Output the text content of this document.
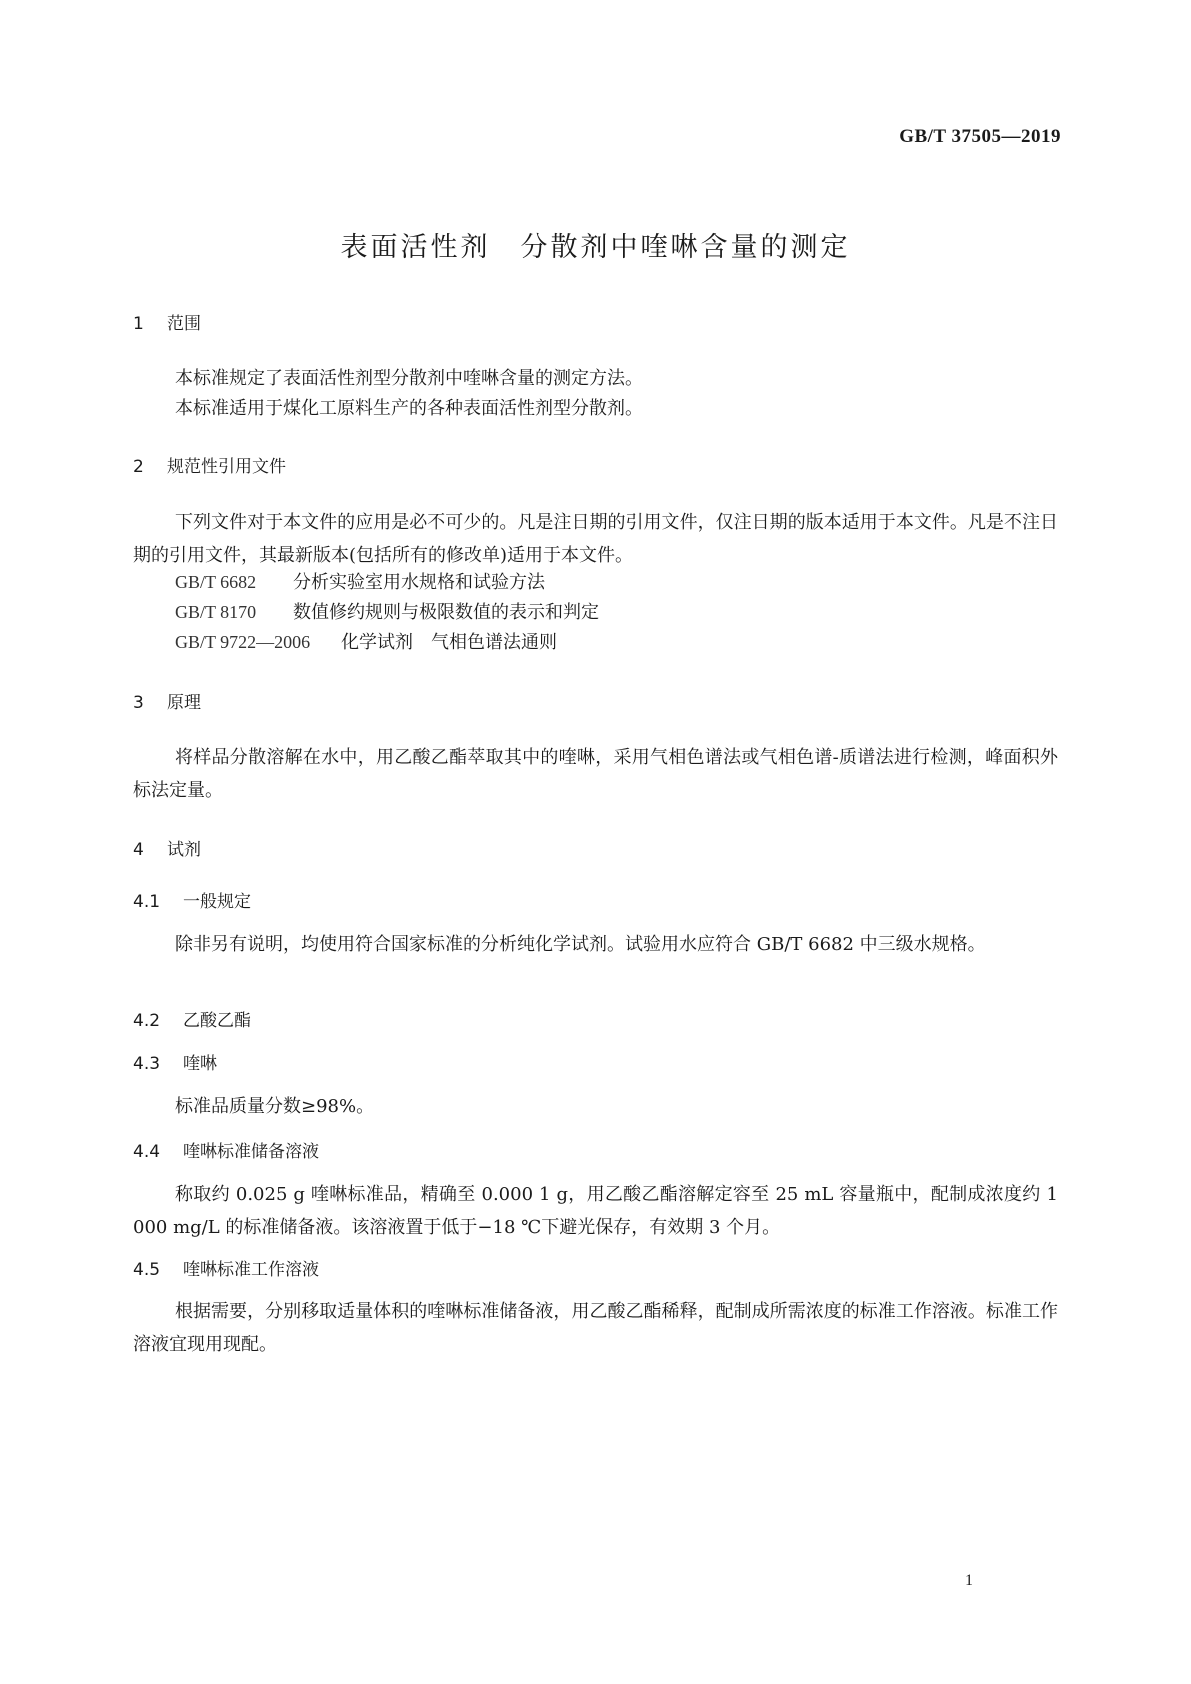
GB/T 37505—2019
表面活性剂　分散剂中喹啉含量的测定
1 范围
本标准规定了表面活性剂型分散剂中喹啉含量的测定方法。
本标准适用于煤化工原料生产的各种表面活性剂型分散剂。
2 规范性引用文件
下列文件对于本文件的应用是必不可少的。凡是注日期的引用文件，仅注日期的版本适用于本文件。凡是不注日期的引用文件，其最新版本(包括所有的修改单)适用于本文件。
GB/T 6682 分析实验室用水规格和试验方法
GB/T 8170 数值修约规则与极限数值的表示和判定
GB/T 9722—2006 化学试剂　气相色谱法通则
3 原理
将样品分散溶解在水中，用乙酸乙酯萃取其中的喹啉，采用气相色谱法或气相色谱-质谱法进行检测，峰面积外标法定量。
4 试剂
4.1 一般规定
除非另有说明，均使用符合国家标准的分析纯化学试剂。试验用水应符合 GB/T 6682 中三级水规格。
4.2 乙酸乙酯
4.3 喹啉
标准品质量分数≥98%。
4.4 喹啉标准储备溶液
称取约 0.025 g 喹啉标准品，精确至 0.000 1 g，用乙酸乙酯溶解定容至 25 mL 容量瓶中，配制成浓度约 1 000 mg/L 的标准储备液。该溶液置于低于−18 ℃下避光保存，有效期 3 个月。
4.5 喹啉标准工作溶液
根据需要，分别移取适量体积的喹啉标准储备液，用乙酸乙酯稀释，配制成所需浓度的标准工作溶液。标准工作溶液宜现用现配。
1
